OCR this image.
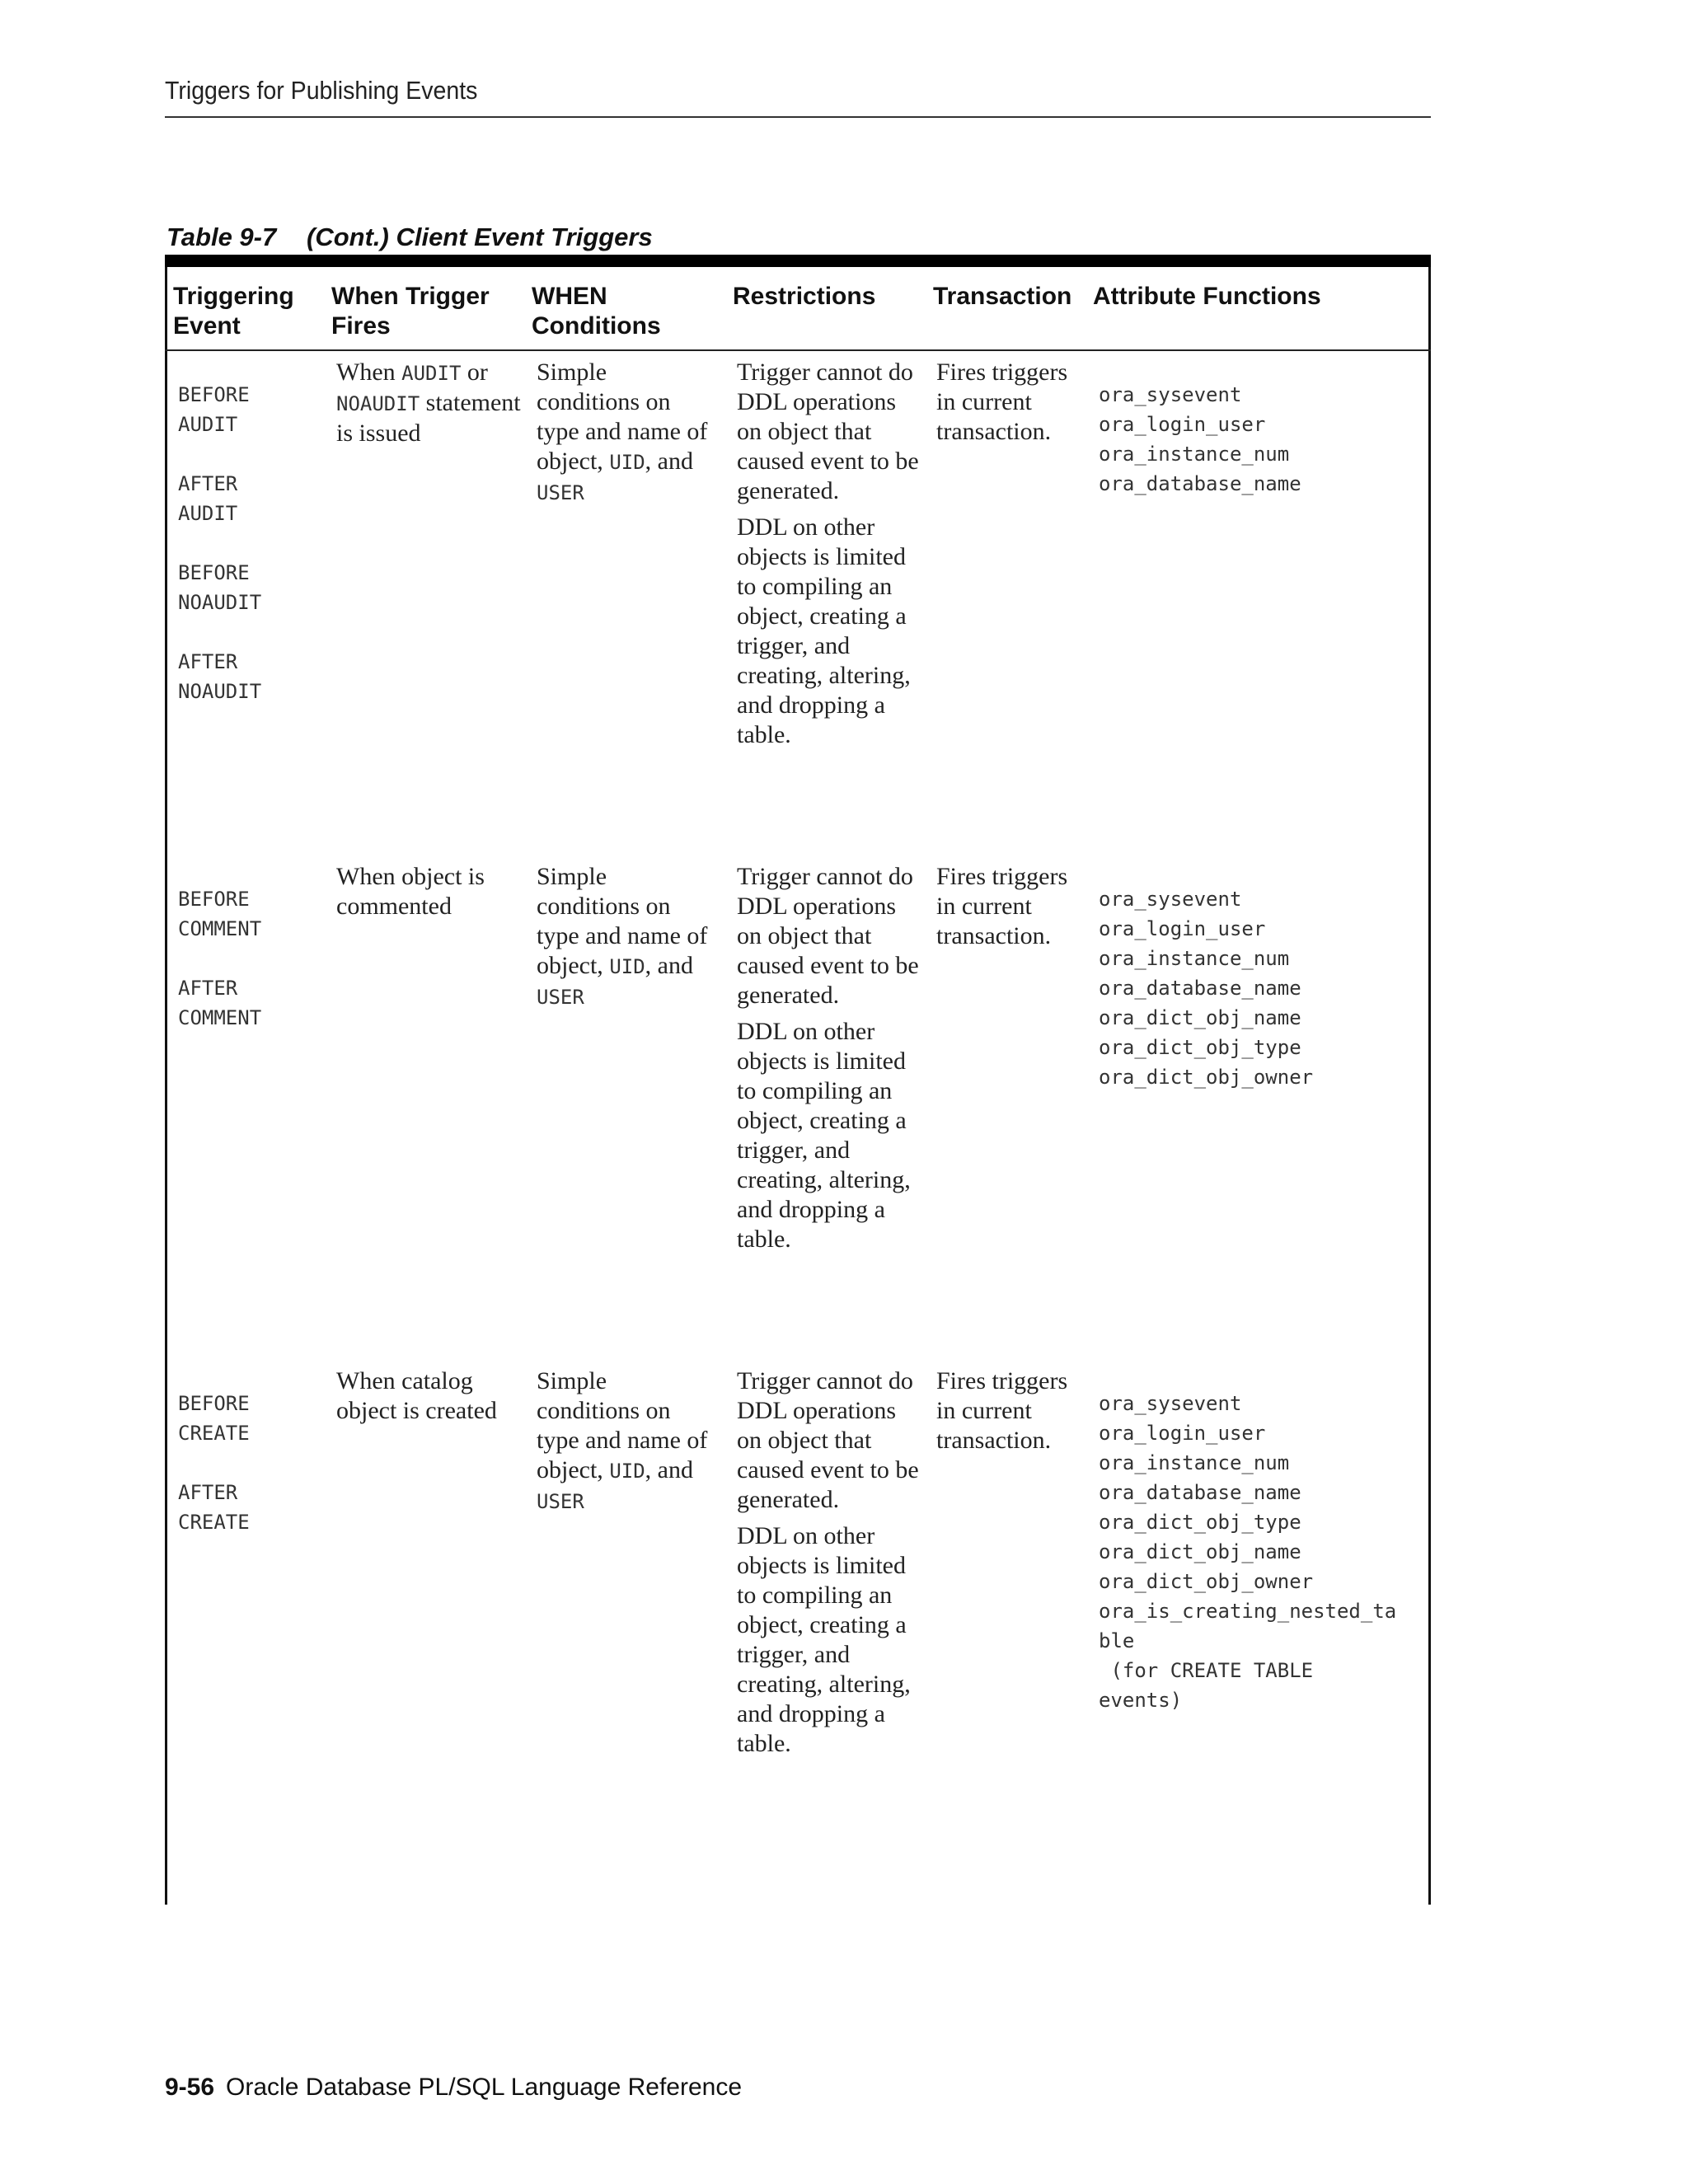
Triggers for Publishing Events
Table 9-7 (Cont.) Client Event Triggers
Triggering Event
When Trigger Fires
WHEN Conditions
Restrictions	Transaction Attribute Functions
BEFORE
AUDIT
AFTER
AUDIT
BEFORE
NOAUDIT
AFTER
NOAUDIT
When AUDIT or NOAUDIT statement is issued
Simple conditions on type and name of object, UID, and USER
Trigger cannot do DDL operations on object that caused event to be generated.
DDL on other objects is limited to compiling an object, creating a trigger, and creating, altering, and dropping a table.
Fires triggers in current transaction.
ora_sysevent
ora_login_user
ora_instance_num
ora_database_name
BEFORE
COMMENT
AFTER
COMMENT
When object is commented
Simple conditions on type and name of object, UID, and USER
Trigger cannot do DDL operations on object that caused event to be generated.
DDL on other objects is limited to compiling an object, creating a trigger, and creating, altering, and dropping a table.
Fires triggers in current transaction.
ora_sysevent
ora_login_user
ora_instance_num
ora_database_name
ora_dict_obj_name
ora_dict_obj_type
ora_dict_obj_owner
BEFORE
CREATE
AFTER
CREATE
When catalog object is created
Simple conditions on type and name of object, UID, and USER
Trigger cannot do DDL operations on object that caused event to be generated.
DDL on other objects is limited to compiling an object, creating a trigger, and creating, altering, and dropping a table.
Fires triggers in current transaction.
ora_sysevent
ora_login_user
ora_instance_num
ora_database_name
ora_dict_obj_type
ora_dict_obj_name
ora_dict_obj_owner
ora_is_creating_nested_ta
ble
(for CREATE TABLE
events)
9-56 Oracle Database PL/SQL Language Reference
